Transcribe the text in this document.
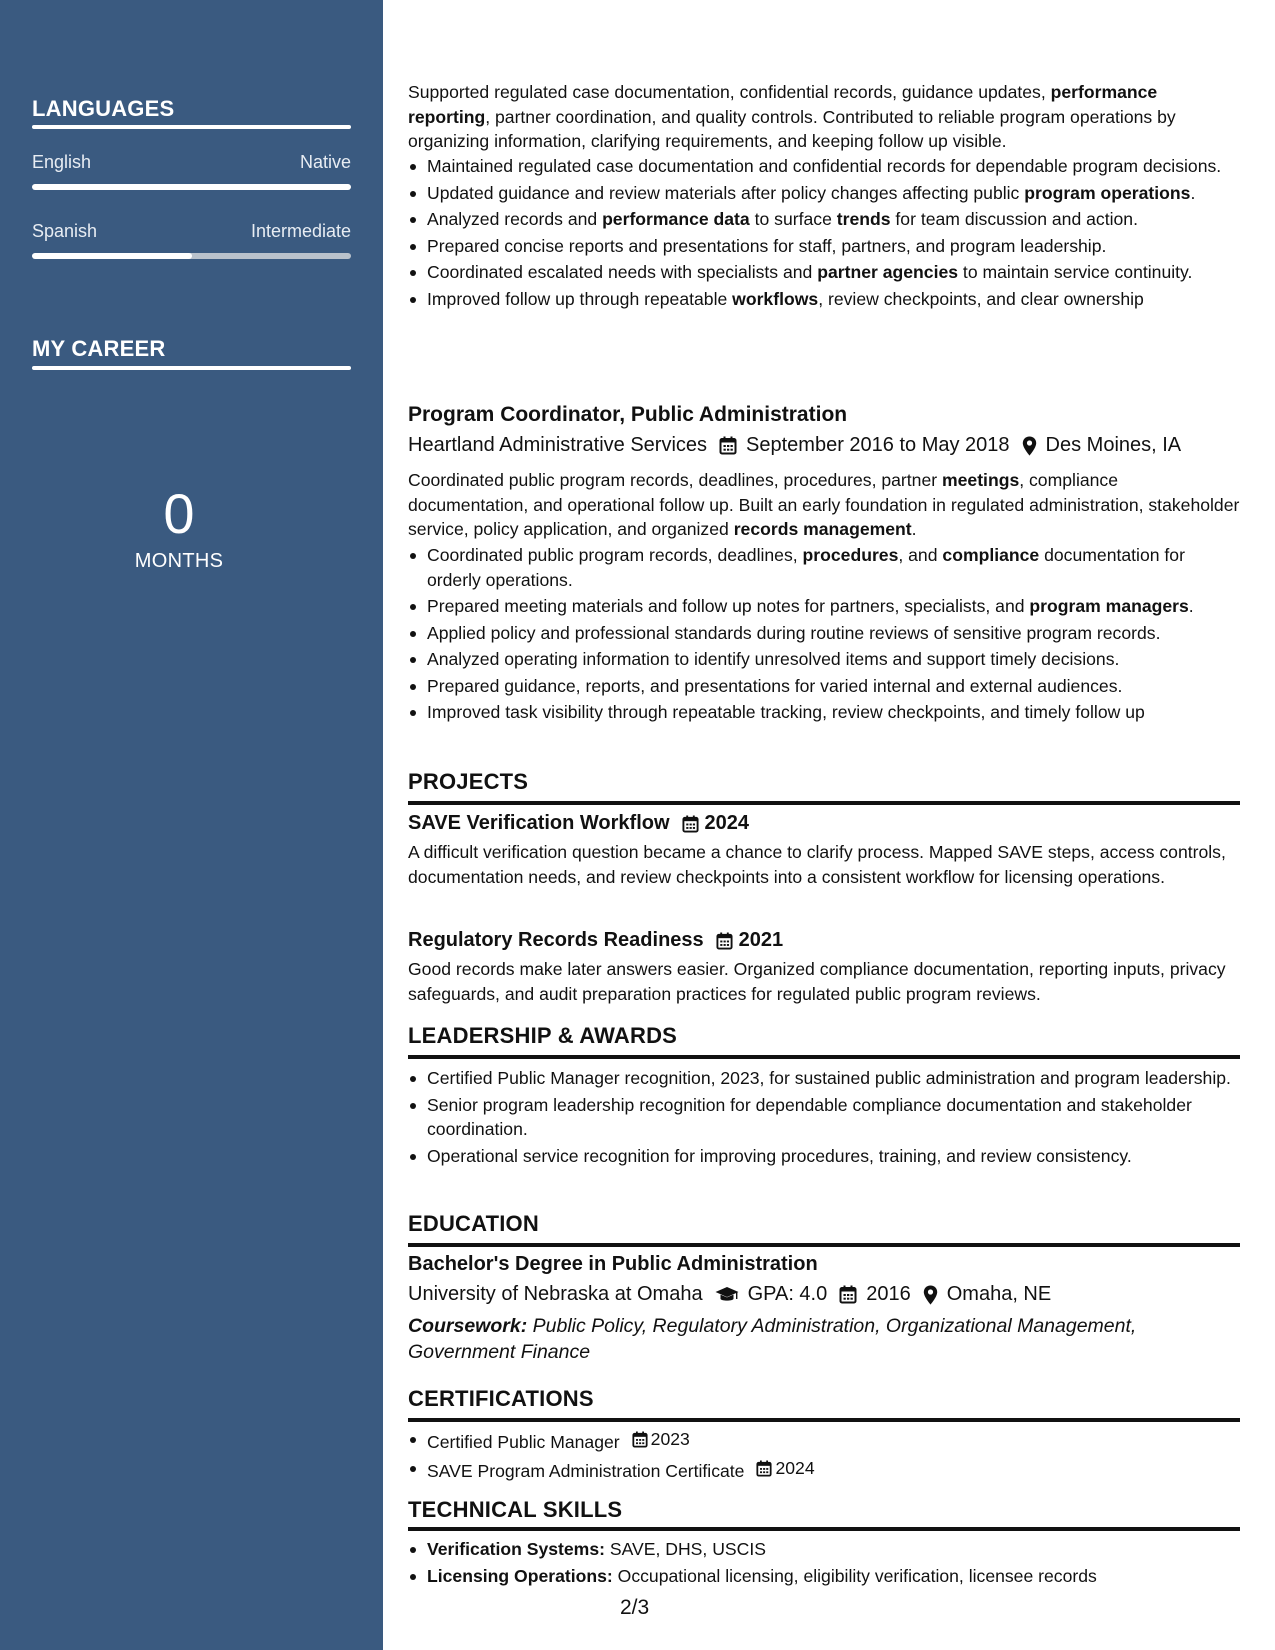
LANGUAGES
English	Native
Spanish	Intermediate
MY CAREER
0
MONTHS
Supported regulated case documentation, confidential records, guidance updates, performance reporting, partner coordination, and quality controls. Contributed to reliable program operations by organizing information, clarifying requirements, and keeping follow up visible.
Maintained regulated case documentation and confidential records for dependable program decisions.
Updated guidance and review materials after policy changes affecting public program operations.
Analyzed records and performance data to surface trends for team discussion and action.
Prepared concise reports and presentations for staff, partners, and program leadership.
Coordinated escalated needs with specialists and partner agencies to maintain service continuity.
Improved follow up through repeatable workflows, review checkpoints, and clear ownership
Program Coordinator, Public Administration
Heartland Administrative Services September 2016 to May 2018 Des Moines, IA
Coordinated public program records, deadlines, procedures, partner meetings, compliance documentation, and operational follow up. Built an early foundation in regulated administration, stakeholder service, policy application, and organized records management.
Coordinated public program records, deadlines, procedures, and compliance documentation for orderly operations.
Prepared meeting materials and follow up notes for partners, specialists, and program managers.
Applied policy and professional standards during routine reviews of sensitive program records.
Analyzed operating information to identify unresolved items and support timely decisions.
Prepared guidance, reports, and presentations for varied internal and external audiences.
Improved task visibility through repeatable tracking, review checkpoints, and timely follow up
PROJECTS
SAVE Verification Workflow 2024
A difficult verification question became a chance to clarify process. Mapped SAVE steps, access controls, documentation needs, and review checkpoints into a consistent workflow for licensing operations.
Regulatory Records Readiness 2021
Good records make later answers easier. Organized compliance documentation, reporting inputs, privacy safeguards, and audit preparation practices for regulated public program reviews.
LEADERSHIP & AWARDS
Certified Public Manager recognition, 2023, for sustained public administration and program leadership.
Senior program leadership recognition for dependable compliance documentation and stakeholder coordination.
Operational service recognition for improving procedures, training, and review consistency.
EDUCATION
Bachelor's Degree in Public Administration
University of Nebraska at Omaha GPA: 4.0 2016 Omaha, NE
Coursework: Public Policy, Regulatory Administration, Organizational Management, Government Finance
CERTIFICATIONS
Certified Public Manager 2023
SAVE Program Administration Certificate 2024
TECHNICAL SKILLS
Verification Systems: SAVE, DHS, USCIS
Licensing Operations: Occupational licensing, eligibility verification, licensee records
2/3
